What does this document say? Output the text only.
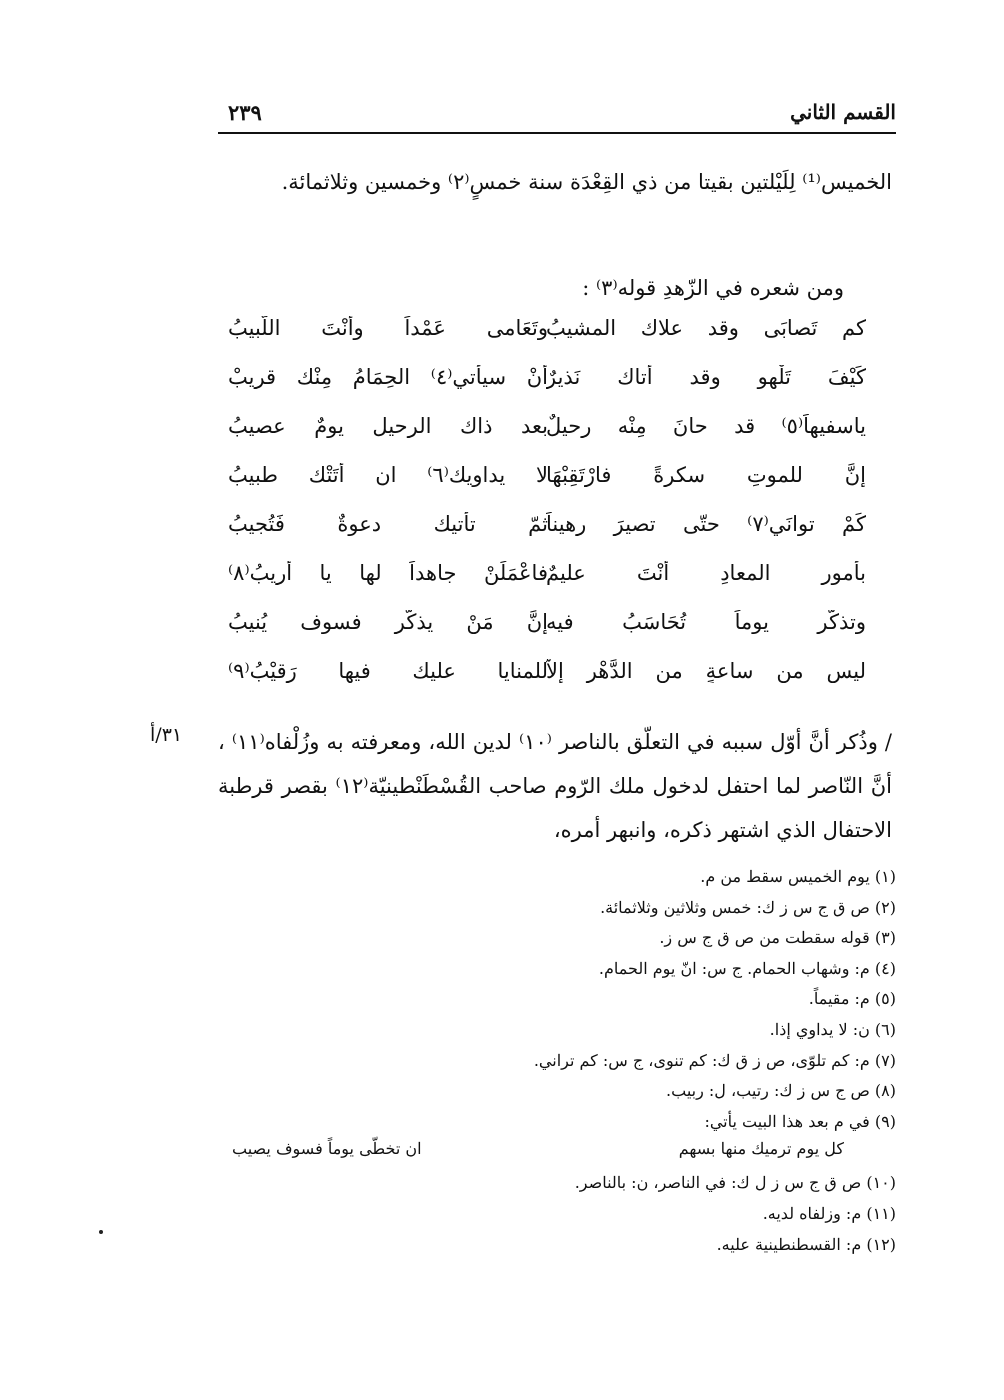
القسم الثاني
٢٣٩
الخميس⁽¹⁾ لِلَيْلتين بقيتا من ذي القِعْدَة سنة خمسٍ⁽٢⁾ وخمسين وثلاثمائة.
ومن شعره في الزّهدِ قوله⁽٣⁾ :
كم تَصابَى وقد علاك المشيبُ
وتَعَامى عَمْداً وأنْتَ اللّبيبُ
كَيْفَ تَلْهو وقد أتاك نَذيرٌ
أنْ سيأتي⁽٤⁾ الحِمَامُ مِنْك قريبْ
ياسفيهاً⁽٥⁾ قد حانَ مِنْه رحيلٌ
بعد ذاك الرحيل يومٌ عصيبُ
إنَّ للموتِ سكرةً فارْتَقِبْهَا
لا يداويك⁽٦⁾ ان أتَتْك طبيبُ
كَمْ توانَي⁽٧⁾ حتّى تصيرَ رهيناً
ثمّ تأتيك دعوةٌ فَتُجيبُ
بأمور المعادِ أنْتَ عليمٌ
فاعْمَلَنْ جاهداً لها يا أريبُ⁽٨⁾
وتذكّر يوماً تُحَاسَبُ فيه
إنَّ مَنْ يذكّر فسوف يُنيبُ
ليس من ساعةٍ من الدَّهْر إلاّ
للمنايا عليك فيها رَقيْبُ⁽٩⁾
٣١/أ / وذُكر أنَّ أوّل سببه في التعلّق بالناصر ⁽١٠⁾ لدين الله، ومعرفته به وزُلْفاه⁽١١⁾ ، أنَّ النّاصر لما احتفل لدخول ملك الرّوم صاحب القُسْطَنْطينيّة⁽١٢⁾ بقصر قرطبة الاحتفال الذي اشتهر ذكره، وانبهر أمره،
(١) يوم الخميس سقط من م.
(٢) ص ق ج س ز ك: خمس وثلاثين وثلاثمائة.
(٣) قوله سقطت من ص ق ج س ز.
(٤) م: وشهاب الحمام. ج س: انّ يوم الحمام.
(٥) م: مقيماً.
(٦) ن: لا يداوي إذا.
(٧) م: كم تلوّى، ص ز ق ك: كم تنوى، ج س: كم تراني.
(٨) ص ج س ز ك: رتيب، ل: ربيب.
(٩) في م بعد هذا البيت يأتي:
كل يوم ترميك منها بسهم
ان تخطّى يوماً فسوف يصيب
(١٠) ص ق ج س ز ل ك: في الناصر، ن: بالناصر.
(١١) م: وزلفاه لديه.
(١٢) م: القسطنطينية عليه.
